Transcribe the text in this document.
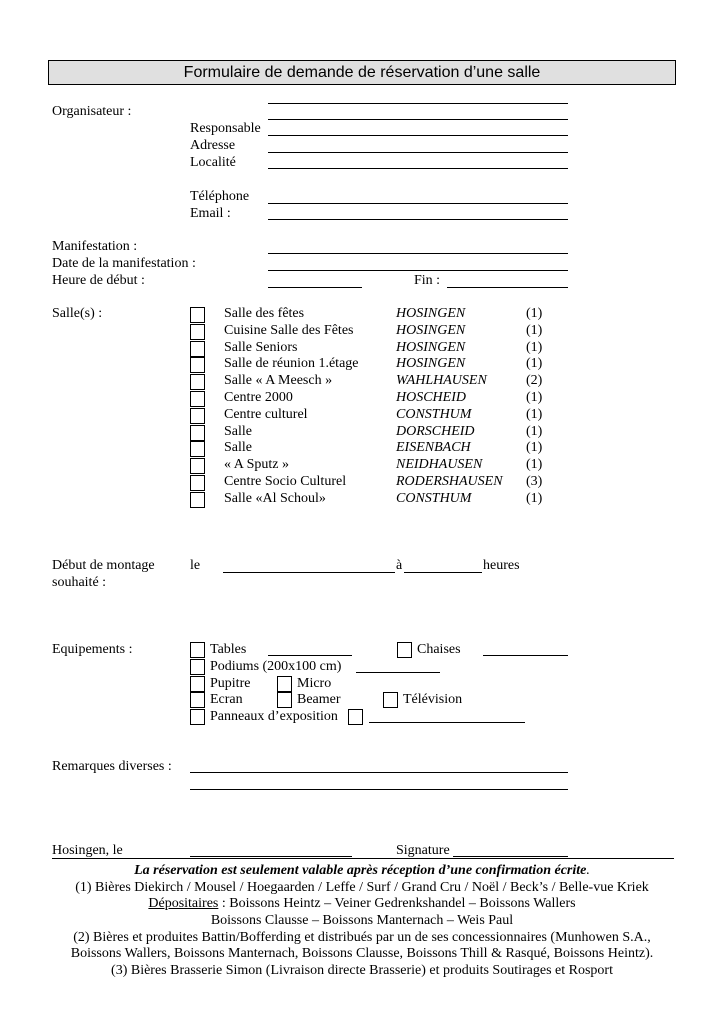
Formulaire de demande de réservation d’une salle
Organisateur :
Responsable
Adresse
Localité
Téléphone
Email :
Manifestation :
Date de la manifestation :
Heure de début :	Fin :
Salle(s) :	Salle des fêtes	HOSINGEN	(1)
Cuisine Salle des Fêtes	HOSINGEN	(1)
Salle Seniors	HOSINGEN	(1)
Salle de réunion 1.étage	HOSINGEN	(1)
Salle « A Meesch »	WAHLHAUSEN	(2)
Centre 2000	HOSCHEID	(1)
Centre culturel	CONSTHUM	(1)
Salle	DORSCHEID	(1)
Salle	EISENBACH	(1)
« A Sputz »	NEIDHAUSEN	(1)
Centre Socio Culturel	RODERSHAUSEN (3)
Salle «Al Schoul»	CONSTHUM	(1)
Début de montage
souhaité :
le	à	heures
Equipements :	Tables	Chaises
Podiums (200x100 cm)
Pupitre	Micro
Ecran	Beamer	Télévision
Panneaux d’exposition
Remarques diverses :
Hosingen, le	Signature
La réservation est seulement valable après réception d’une confirmation écrite.
(1) Bières Diekirch / Mousel / Hoegaarden / Leffe / Surf / Grand Cru / Noël / Beck’s / Belle-vue Kriek
Dépositaires : Boissons Heintz – Veiner Gedrenkshandel – Boissons Wallers
Boissons Clausse – Boissons Manternach – Weis Paul
(2) Bières et produites Battin/Bofferding et distribués par un de ses concessionnaires (Munhowen S.A.,
Boissons Wallers, Boissons Manternach, Boissons Clausse, Boissons Thill & Rasqué, Boissons Heintz).
(3) Bières Brasserie Simon (Livraison directe Brasserie) et produits Soutirages et Rosport
